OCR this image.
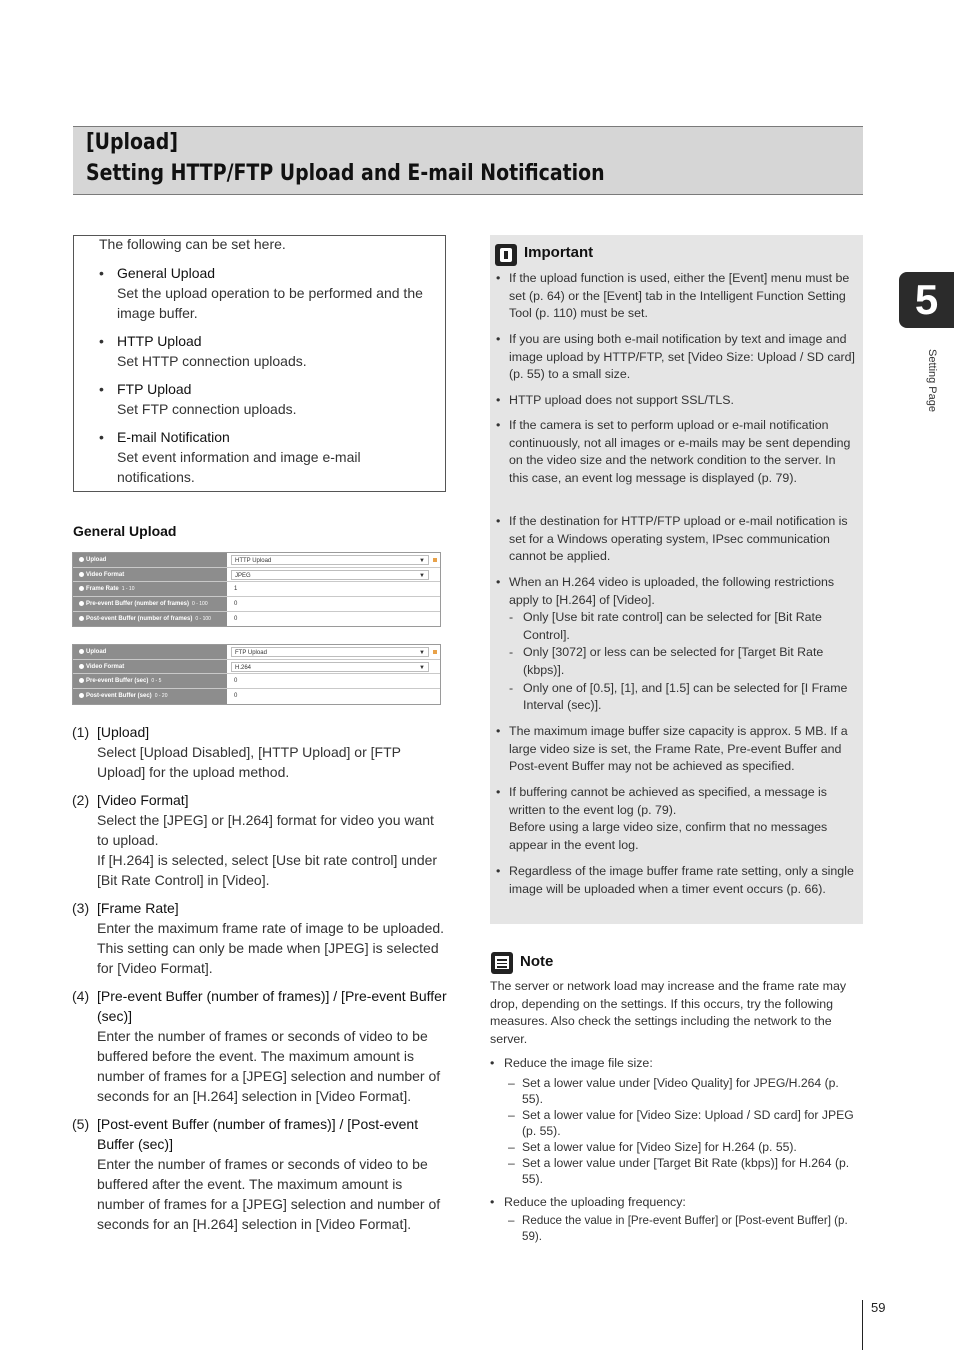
[Upload]
Setting HTTP/FTP Upload and E-mail Notification
5
Setting Page
The following can be set here.
• General Upload
Set the upload operation to be performed and the image buffer.
• HTTP Upload
Set HTTP connection uploads.
• FTP Upload
Set FTP connection uploads.
• E-mail Notification
Set event information and image e-mail notifications.
General Upload
Upload	HTTP Upload	▼
Video Format	JPEG	▼
Frame Rate 1 - 10	1
Pre-event Buffer (number of frames) 0 - 100	0
Post-event Buffer (number of frames) 0 - 100	0
Upload	FTP Upload	▼
Video Format	H.264	▼
Pre-event Buffer (sec) 0 - 5	0
Post-event Buffer (sec) 0 - 20	0
(1) [Upload]
Select [Upload Disabled], [HTTP Upload] or [FTP Upload] for the upload method.
(2) [Video Format]
Select the [JPEG] or [H.264] format for video you want to upload.
If [H.264] is selected, select [Use bit rate control] under [Bit Rate Control] in [Video].
(3) [Frame Rate]
Enter the maximum frame rate of image to be uploaded. This setting can only be made when [JPEG] is selected for [Video Format].
(4) [Pre-event Buffer (number of frames)] / [Pre-event Buffer (sec)]
Enter the number of frames or seconds of video to be buffered before the event. The maximum amount is number of frames for a [JPEG] selection and number of seconds for an [H.264] selection in [Video Format].
(5) [Post-event Buffer (number of frames)] / [Post-event Buffer (sec)]
Enter the number of frames or seconds of video to be buffered after the event. The maximum amount is number of frames for a [JPEG] selection and number of seconds for an [H.264] selection in [Video Format].
Important
• If the upload function is used, either the [Event] menu must be set (p. 64) or the [Event] tab in the Intelligent Function Setting Tool (p. 110) must be set.
• If you are using both e-mail notification by text and image and image upload by HTTP/FTP, set [Video Size: Upload / SD card] (p. 55) to a small size.
• HTTP upload does not support SSL/TLS.
• If the camera is set to perform upload or e-mail notification continuously, not all images or e-mails may be sent depending on the video size and the network condition to the server. In this case, an event log message is displayed (p. 79).
• If the destination for HTTP/FTP upload or e-mail notification is set for a Windows operating system, IPsec communication cannot be applied.
• When an H.264 video is uploaded, the following restrictions apply to [H.264] of [Video].
- Only [Use bit rate control] can be selected for [Bit Rate Control].
- Only [3072] or less can be selected for [Target Bit Rate (kbps)].
- Only one of [0.5], [1], and [1.5] can be selected for [I Frame Interval (sec)].
• The maximum image buffer size capacity is approx. 5 MB. If a large video size is set, the Frame Rate, Pre-event Buffer and Post-event Buffer may not be achieved as specified.
• If buffering cannot be achieved as specified, a message is written to the event log (p. 79).
Before using a large video size, confirm that no messages appear in the event log.
• Regardless of the image buffer frame rate setting, only a single image will be uploaded when a timer event occurs (p. 66).
Note
The server or network load may increase and the frame rate may drop, depending on the settings. If this occurs, try the following measures. Also check the settings including the network to the server.
• Reduce the image file size:
– Set a lower value under [Video Quality] for JPEG/H.264 (p. 55).
– Set a lower value for [Video Size: Upload / SD card] for JPEG (p. 55).
– Set a lower value for [Video Size] for H.264 (p. 55).
– Set a lower value under [Target Bit Rate (kbps)] for H.264 (p. 55).
• Reduce the uploading frequency:
– Reduce the value in [Pre-event Buffer] or [Post-event Buffer] (p. 59).
59
